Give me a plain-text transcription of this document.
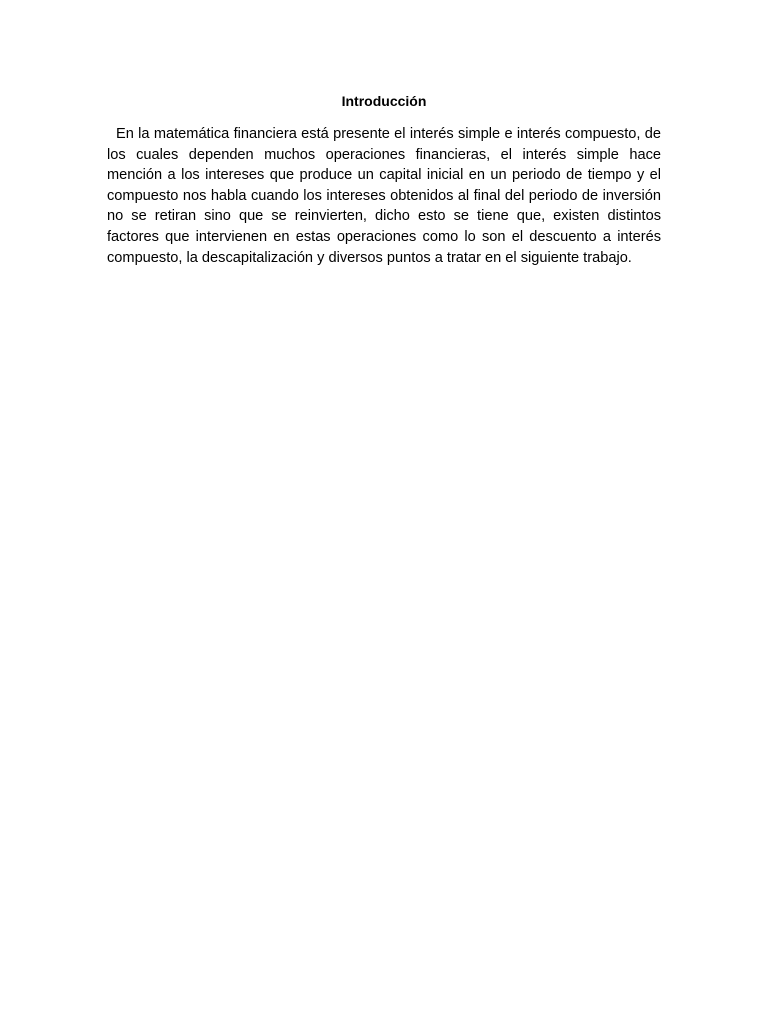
Introducción

En la matemática financiera está presente el interés simple e interés compuesto, de los cuales dependen muchos operaciones financieras, el interés simple hace mención a los intereses que produce un capital inicial en un periodo de tiempo y el compuesto nos habla cuando los intereses obtenidos al final del periodo de inversión no se retiran sino que se reinvierten, dicho esto se tiene que, existen distintos factores que intervienen en estas operaciones como lo son el descuento a interés compuesto, la descapitalización y diversos puntos a tratar en el siguiente trabajo.
